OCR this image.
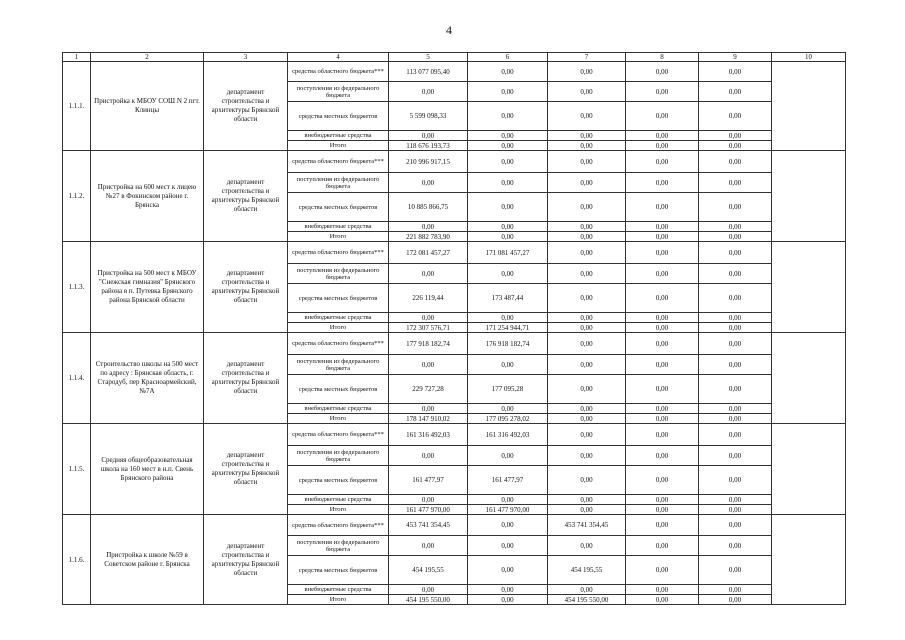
4
1	2	3	4	5	6	7	8	9	10
1.1.1.	Пристройка к МБОУ СОШ N 2 пгт. Клинцы	департамент строительства и архитектуры Брянской области	средства областного бюджета***	113 077 095,40	0,00	0,00	0,00	0,00	
			поступления из федерального бюджета	0,00	0,00	0,00	0,00	0,00	
			средства местных бюджетов	5 599 098,33	0,00	0,00	0,00	0,00	
			внебюджетные средства	0,00	0,00	0,00	0,00	0,00	
			Итого	118 676 193,73	0,00	0,00	0,00	0,00	
1.1.2.	Пристройка на 600 мест к лицею №27 в Фокинском районе г. Брянска	департамент строительства и архитектуры Брянской области	средства областного бюджета***	210 996 917,15	0,00	0,00	0,00	0,00	
			поступления из федерального бюджета	0,00	0,00	0,00	0,00	0,00	
			средства местных бюджетов	10 885 866,75	0,00	0,00	0,00	0,00	
			внебюджетные средства	0,00	0,00	0,00	0,00	0,00	
			Итого	221 882 783,90	0,00	0,00	0,00	0,00	
1.1.3.	Пристройка на 500 мест к МБОУ "Снежская гимназия" Брянского района в п. Путевка Брянского района Брянской области	департамент строительства и архитектуры Брянской области	средства областного бюджета***	172 081 457,27	171 081 457,27	0,00	0,00	0,00	
			поступления из федерального бюджета	0,00	0,00	0,00	0,00	0,00	
			средства местных бюджетов	226 119,44	173 487,44	0,00	0,00	0,00	
			внебюджетные средства	0,00	0,00	0,00	0,00	0,00	
			Итого	172 307 576,71	171 254 944,71	0,00	0,00	0,00	
1.1.4.	Строительство школы на 500 мест по адресу : Брянская область, г. Стародуб, пер Красноармейский,№7А	департамент строительства и архитектуры Брянской области	средства областного бюджета***	177 918 182,74	176 918 182,74	0,00	0,00	0,00	
			поступления из федерального бюджета	0,00	0,00	0,00	0,00	0,00	
			средства местных бюджетов	229 727,28	177 095,28	0,00	0,00	0,00	
			внебюджетные средства	0,00	0,00	0,00	0,00	0,00	
			Итого	178 147 910,02	177 095 278,02	0,00	0,00	0,00	
1.1.5.	Средняя общеобразовательная школа на 160 мест в н.п. Свень Брянского района	департамент строительства и архитектуры Брянской области	средства областного бюджета***	161 316 492,03	161 316 492,03	0,00	0,00	0,00	
			поступления из федерального бюджета	0,00	0,00	0,00	0,00	0,00	
			средства местных бюджетов	161 477,97	161 477,97	0,00	0,00	0,00	
			внебюджетные средства	0,00	0,00	0,00	0,00	0,00	
			Итого	161 477 970,00	161 477 970,00	0,00	0,00	0,00	
1.1.6.	Пристройка к школе №59 в Советском районе г. Брянска	департамент строительства и архитектуры Брянской области	средства областного бюджета***	453 741 354,45	0,00	453 741 354,45	0,00	0,00	
			поступления из федерального бюджета	0,00	0,00	0,00	0,00	0,00	
			средства местных бюджетов	454 195,55	0,00	454 195,55	0,00	0,00	
			внебюджетные средства	0,00	0,00	0,00	0,00	0,00	
			Итого	454 195 550,00	0,00	454 195 550,00	0,00	0,00	
